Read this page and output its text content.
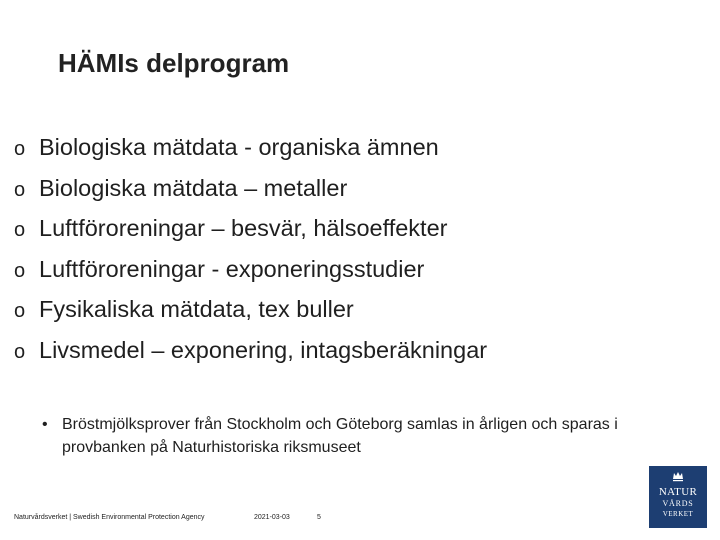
HÄMIs delprogram
o Biologiska mätdata - organiska ämnen
o Biologiska mätdata – metaller
o Luftföroreningar – besvär, hälsoeffekter
o Luftföroreningar - exponeringsstudier
o Fysikaliska mätdata, tex buller
o Livsmedel – exponering, intagsberäkningar
• Bröstmjölksprover från Stockholm och Göteborg samlas in årligen och sparas i provbanken på Naturhistoriska riksmuseet
Naturvårdsverket | Swedish Environmental Protection Agency	2021-03-03	5
NATUR
VÅRDS
VERKET
